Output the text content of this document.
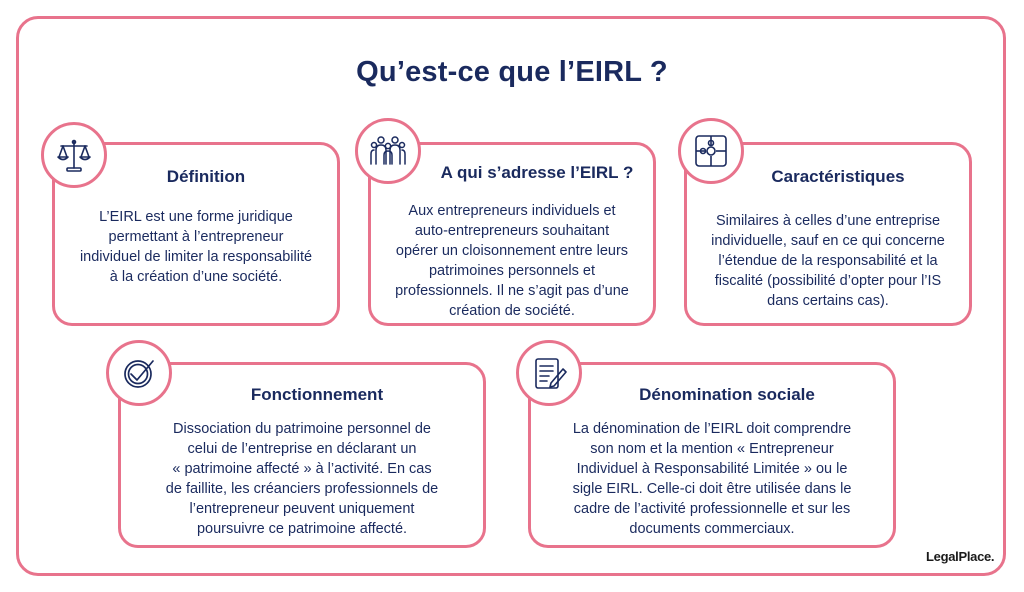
Qu’est-ce que l’EIRL ?
Définition
L’EIRL est une forme juridique
permettant à l’entrepreneur
individuel de limiter la responsabilité
à la création d’une société.
A qui s’adresse l’EIRL ?
Aux entrepreneurs individuels et
auto-entrepreneurs souhaitant
opérer un cloisonnement entre leurs
patrimoines personnels et
professionnels. Il ne s’agit pas d’une
création de société.
Caractéristiques
Similaires à celles d’une entreprise
individuelle, sauf en ce qui concerne
l’étendue de la responsabilité et la
fiscalité (possibilité d’opter pour l’IS
dans certains cas).
Fonctionnement
Dissociation du patrimoine personnel de
celui de l’entreprise en déclarant un
« patrimoine affecté » à l’activité. En cas
de faillite, les créanciers professionnels de
l’entrepreneur peuvent uniquement
poursuivre ce patrimoine affecté.
Dénomination sociale
La dénomination de l’EIRL doit comprendre
son nom et la mention « Entrepreneur
Individuel à Responsabilité Limitée » ou le
sigle EIRL. Celle-ci doit être utilisée dans le
cadre de l’activité professionnelle et sur les
documents commerciaux.
LegalPlace.
